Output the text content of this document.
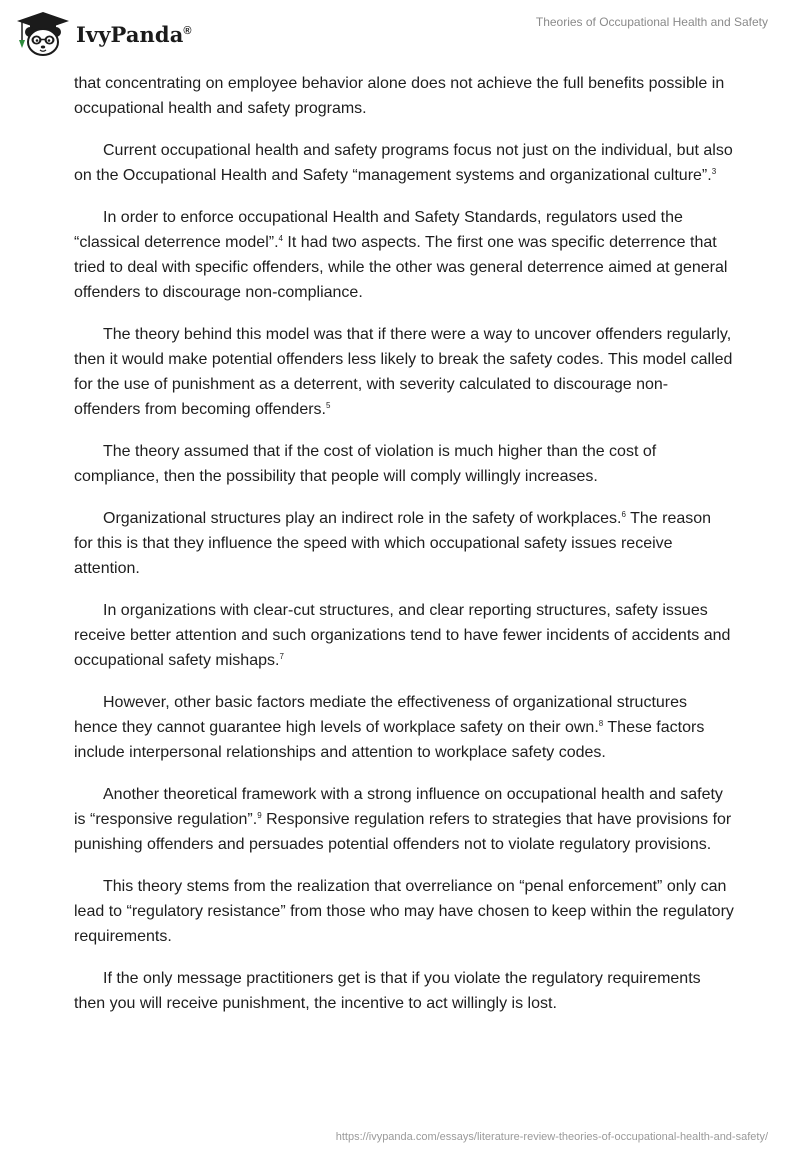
IvyPanda®
Theories of Occupational Health and Safety

that concentrating on employee behavior alone does not achieve the full benefits possible in occupational health and safety programs.

Current occupational health and safety programs focus not just on the individual, but also on the Occupational Health and Safety “management systems and organizational culture”.$^3$

In order to enforce occupational Health and Safety Standards, regulators used the “classical deterrence model”.$^4$ It had two aspects. The first one was specific deterrence that tried to deal with specific offenders, while the other was general deterrence aimed at general offenders to discourage non-compliance.

The theory behind this model was that if there were a way to uncover offenders regularly, then it would make potential offenders less likely to break the safety codes. This model called for the use of punishment as a deterrent, with severity calculated to discourage non-offenders from becoming offenders.$^5$

The theory assumed that if the cost of violation is much higher than the cost of compliance, then the possibility that people will comply willingly increases.

Organizational structures play an indirect role in the safety of workplaces.$^6$ The reason for this is that they influence the speed with which occupational safety issues receive attention.

In organizations with clear-cut structures, and clear reporting structures, safety issues receive better attention and such organizations tend to have fewer incidents of accidents and occupational safety mishaps.$^7$

However, other basic factors mediate the effectiveness of organizational structures hence they cannot guarantee high levels of workplace safety on their own.$^8$ These factors include interpersonal relationships and attention to workplace safety codes.

Another theoretical framework with a strong influence on occupational health and safety is “responsive regulation”.$^9$ Responsive regulation refers to strategies that have provisions for punishing offenders and persuades potential offenders not to violate regulatory provisions.

This theory stems from the realization that overreliance on “penal enforcement” only can lead to “regulatory resistance” from those who may have chosen to keep within the regulatory requirements.

If the only message practitioners get is that if you violate the regulatory requirements then you will receive punishment, the incentive to act willingly is lost.

https://ivypanda.com/essays/literature-review-theories-of-occupational-health-and-safety/
